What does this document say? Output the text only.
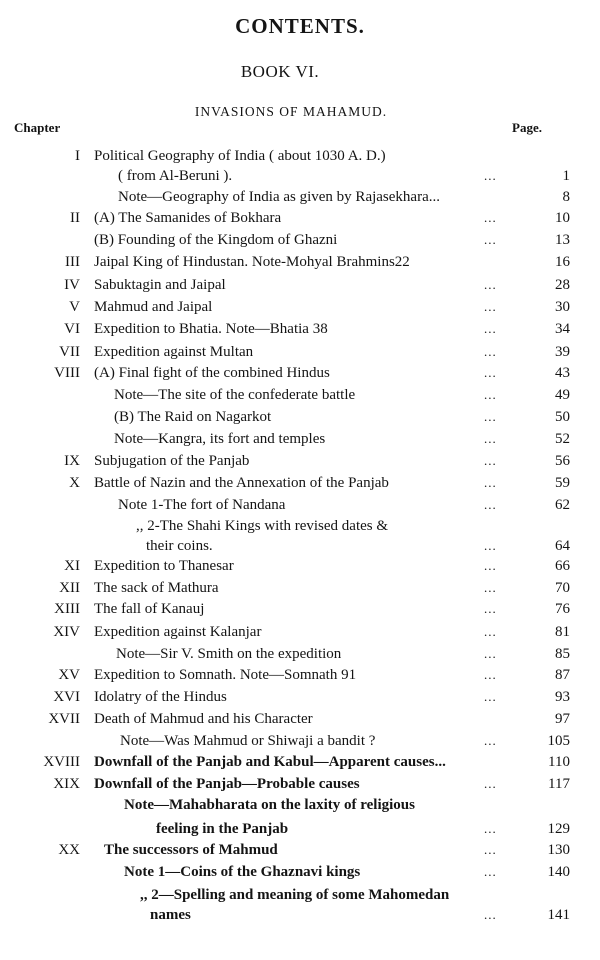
CONTENTS.
BOOK VI.
INVASIONS OF MAHAMUD.
Chapter	Page.
I Political Geography of India ( about 1030 A. D.)
( from Al-Beruni ).	...	1
Note—Geography of India as given by Rajasekhara...	8
II (A) The Samanides of Bokhara	...	10
(B) Founding of the Kingdom of Ghazni	...	13
III Jaipal King of Hindustan. Note-Mohyal Brahmins22	16
IV Sabuktagin and Jaipal	...	28
V Mahmud and Jaipal	...	30
VI Expedition to Bhatia. Note—Bhatia 38	...	34
VII Expedition against Multan	...	39
VIII (A) Final fight of the combined Hindus	...	43
Note—The site of the confederate battle	...	49
(B) The Raid on Nagarkot	...	50
Note—Kangra, its fort and temples	...	52
IX Subjugation of the Panjab	...	56
X Battle of Nazin and the Annexation of the Panjab	...	59
Note 1-The fort of Nandana	...	62
,, 2-The Shahi Kings with revised dates &
their coins.	...	64
XI Expedition to Thanesar	...	66
XII The sack of Mathura	...	70
XIII The fall of Kanauj	...	76
XIV Expedition against Kalanjar	...	81
Note—Sir V. Smith on the expedition	...	85
XV Expedition to Somnath. Note—Somnath 91	...	87
XVI Idolatry of the Hindus	...	93
XVII Death of Mahmud and his Character	97
Note—Was Mahmud or Shiwaji a bandit ?	...	105
XVIII Downfall of the Panjab and Kabul—Apparent causes...	110
XIX Downfall of the Panjab—Probable causes	...	117
Note—Mahabharata on the laxity of religious
feeling in the Panjab	...	129
XX The successors of Mahmud	...	130
Note 1—Coins of the Ghaznavi kings	...	140
,, 2—Spelling and meaning of some Mahomedan
names	...	141
